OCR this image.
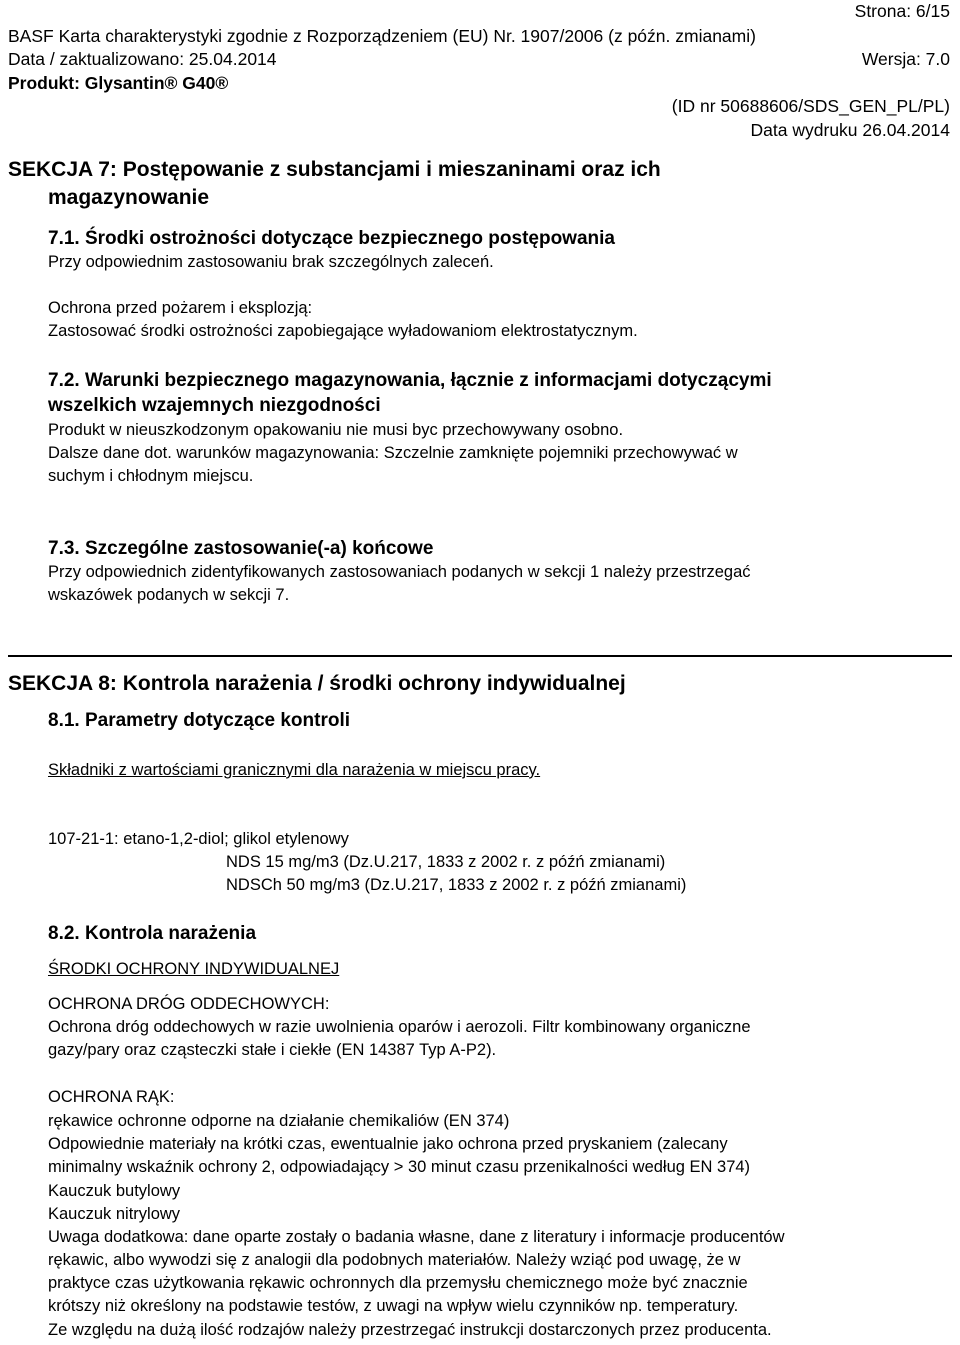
Strona: 6/15
BASF Karta charakterystyki zgodnie z Rozporządzeniem (EU) Nr. 1907/2006 (z późn. zmianami)
Data / zaktualizowano: 25.04.2014	Wersja: 7.0
Produkt: Glysantin® G40®
(ID nr 50688606/SDS_GEN_PL/PL)
Data wydruku 26.04.2014
SEKCJA 7: Postępowanie z substancjami i mieszaninami oraz ich
magazynowanie
7.1. Środki ostrożności dotyczące bezpiecznego postępowania
Przy odpowiednim zastosowaniu brak szczególnych zaleceń.
Ochrona przed pożarem i eksplozją:
Zastosować środki ostrożności zapobiegające wyładowaniom elektrostatycznym.
7.2. Warunki bezpiecznego magazynowania, łącznie z informacjami dotyczącymi
wszelkich wzajemnych niezgodności
Produkt w nieuszkodzonym opakowaniu nie musi byc przechowywany osobno.
Dalsze dane dot. warunków magazynowania: Szczelnie zamknięte pojemniki przechowywać w
suchym i chłodnym miejscu.
7.3. Szczególne zastosowanie(-a) końcowe
Przy odpowiednich zidentyfikowanych zastosowaniach podanych w sekcji 1 należy przestrzegać
wskazówek podanych w sekcji 7.
SEKCJA 8: Kontrola narażenia / środki ochrony indywidualnej
8.1. Parametry dotyczące kontroli
Składniki z wartościami granicznymi dla narażenia w miejscu pracy.
107-21-1: etano-1,2-diol; glikol etylenowy
NDS 15 mg/m3 (Dz.U.217, 1833 z 2002 r. z późń zmianami)
NDSCh 50 mg/m3 (Dz.U.217, 1833 z 2002 r. z późń zmianami)
8.2. Kontrola narażenia
ŚRODKI OCHRONY INDYWIDUALNEJ
OCHRONA DRÓG ODDECHOWYCH:
Ochrona dróg oddechowych w razie uwolnienia oparów i aerozoli. Filtr kombinowany organiczne
gazy/pary oraz cząsteczki stałe i ciekłe (EN 14387 Typ A-P2).
OCHRONA RĄK:
rękawice ochronne odporne na działanie chemikaliów (EN 374)
Odpowiednie materiały na krótki czas, ewentualnie jako ochrona przed pryskaniem (zalecany
minimalny wskaźnik ochrony 2, odpowiadający > 30 minut czasu przenikalności według EN 374)
Kauczuk butylowy
Kauczuk nitrylowy
Uwaga dodatkowa: dane oparte zostały o badania własne, dane z literatury i informacje producentów
rękawic, albo wywodzi się z analogii dla podobnych materiałów. Należy wziąć pod uwagę, że w
praktyce czas użytkowania rękawic ochronnych dla przemysłu chemicznego może być znacznie
krótszy niż określony na podstawie testów, z uwagi na wpływ wielu czynników np. temperatury.
Ze względu na dużą ilość rodzajów należy przestrzegać instrukcji dostarczonych przez producenta.
